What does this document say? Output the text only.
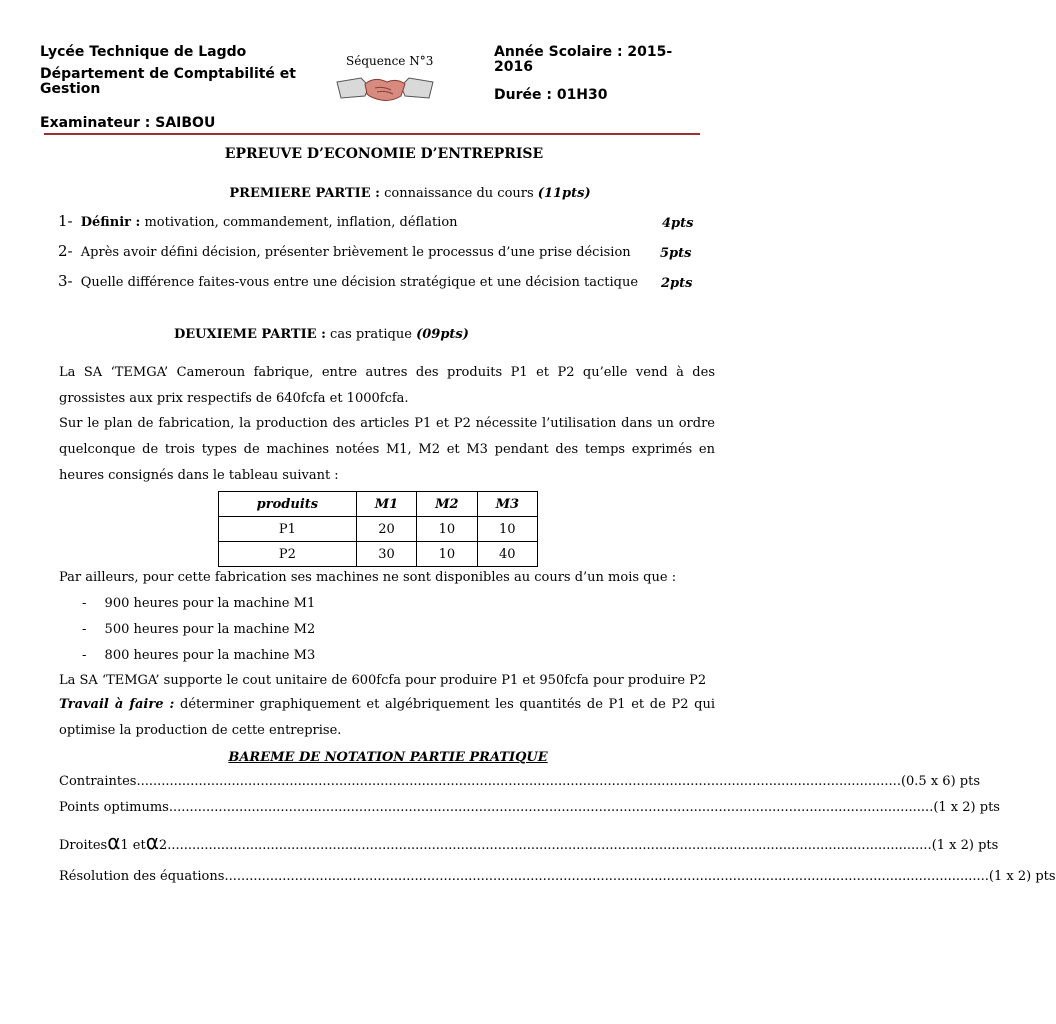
Lycée Technique de Lagdo
Département de Comptabilité et Gestion
Examinateur : SAIBOU
Séquence N°3
Année Scolaire : 2015-2016
Durée : 01H30
EPREUVE D’ECONOMIE D’ENTREPRISE
PREMIERE PARTIE : connaissance du cours (11pts)
1- Définir : motivation, commandement, inflation, déflation	4pts
2- Après avoir défini décision, présenter brièvement le processus d’une prise décision 5pts
3- Quelle différence faites-vous entre une décision stratégique et une décision tactique 2pts
DEUXIEME PARTIE : cas pratique (09pts)
La SA ‘TEMGA’ Cameroun fabrique, entre autres des produits P1 et P2 qu’elle vend à des grossistes aux prix respectifs de 640fcfa et 1000fcfa.
Sur le plan de fabrication, la production des articles P1 et P2 nécessite l’utilisation dans un ordre quelconque de trois types de machines notées M1, M2 et M3 pendant des temps exprimés en heures consignés dans le tableau suivant :
produits	M1	M2	M3
P1	20	10	10
P2	30	10	40
Par ailleurs, pour cette fabrication ses machines ne sont disponibles au cours d’un mois que :
- 900 heures pour la machine M1
- 500 heures pour la machine M2
- 800 heures pour la machine M3
La SA ‘TEMGA’ supporte le cout unitaire de 600fcfa pour produire P1 et 950fcfa pour produire P2
Travail à faire : déterminer graphiquement et algébriquement les quantités de P1 et de P2 qui optimise la production de cette entreprise.
BAREME DE NOTATION PARTIE PRATIQUE
Contraintes ......................................................................................................................................................................................... (0.5 x 6) pts
Points optimums ......................................................................................................................................................................................... (1 x 2) pts
Droites α 1 et α 2 ......................................................................................................................................................................................... (1 x 2) pts
Résolution des équations ......................................................................................................................................................................................... (1 x 2) pts
